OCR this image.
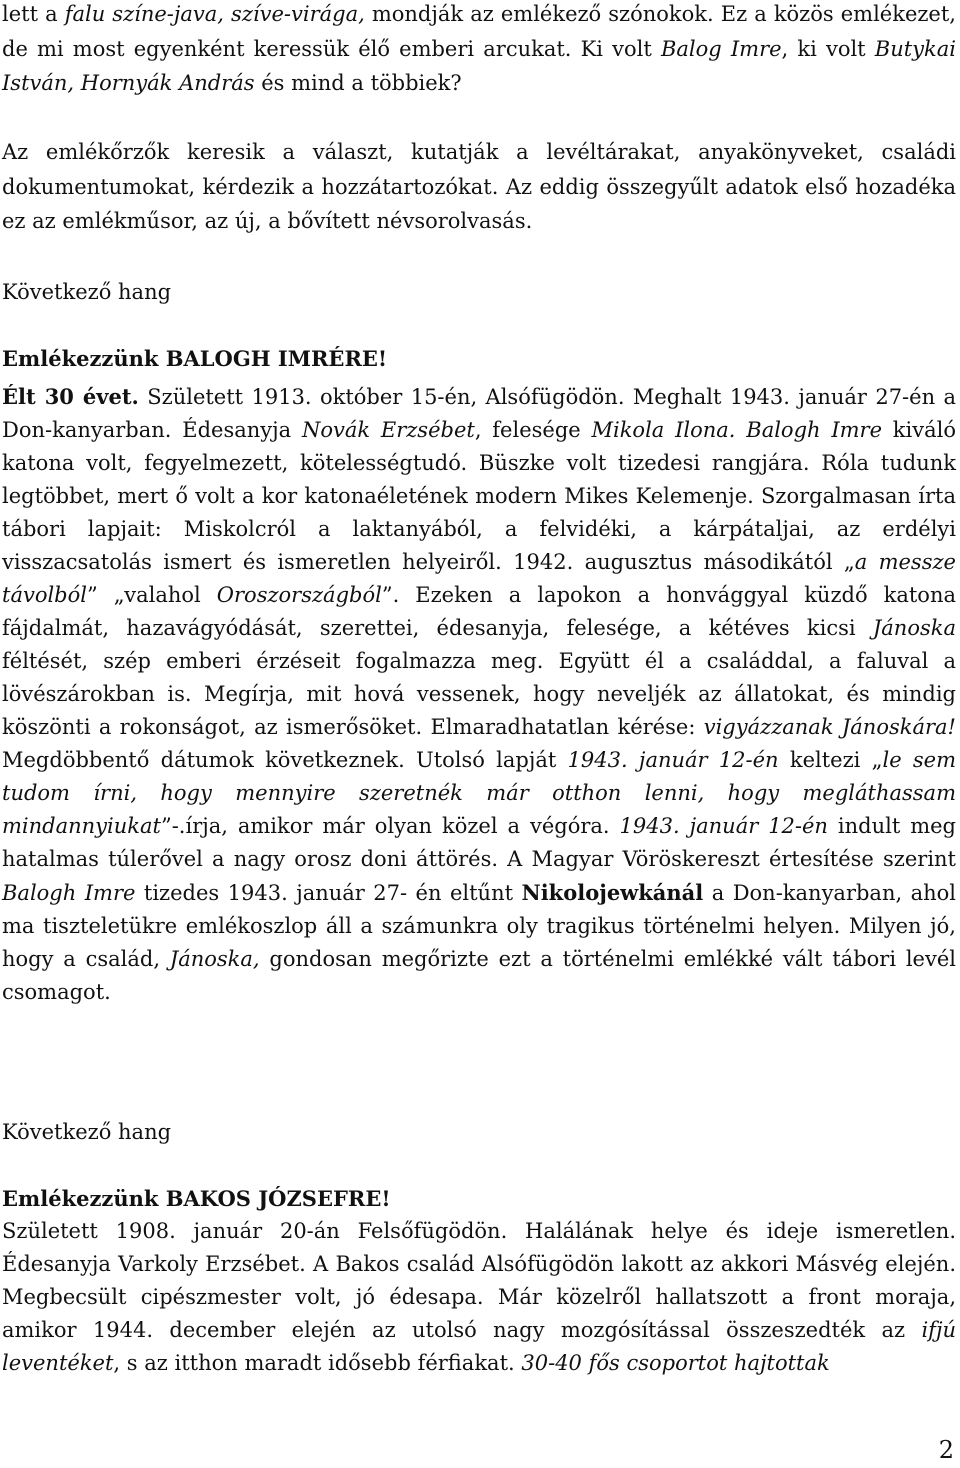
lett a falu színe-java, szíve-virága, mondják az emlékező szónokok. Ez a közös emlékezet, de mi most egyenként keressük élő emberi arcukat. Ki volt Balog Imre, ki volt Butykai István, Hornyák András és mind a többiek?

Az emlékőrzők keresik a választ, kutatják a levéltárakat, anyakönyveket, családi dokumentumokat, kérdezik a hozzátartozókat. Az eddig összegyűlt adatok első hozadéka ez az emlékműsor, az új, a bővített névsorolvasás.

Következő hang

Emlékezzünk BALOGH IMRÉRE!

Élt 30 évet. Született 1913. október 15-én, Alsófügödön. Meghalt 1943. január 27-én a Don-kanyarban. Édesanyja Novák Erzsébet, felesége Mikola Ilona. Balogh Imre kiváló katona volt, fegyelmezett, kötelességtudó. Büszke volt tizedesi rangjára. Róla tudunk legtöbbet, mert ő volt a kor katonaéletének modern Mikes Kelemenje. Szorgalmasan írta tábori lapjait: Miskolcról a laktanyából, a felvidéki, a kárpátaljai, az erdélyi visszacsatolás ismert és ismeretlen helyeiről. 1942. augusztus másodikától „a messze távolból” „valahol Oroszországból”. Ezeken a lapokon a honvággyal küzdő katona fájdalmát, hazavágyódását, szerettei, édesanyja, felesége, a kétéves kicsi Jánoska féltését, szép emberi érzéseit fogalmazza meg. Együtt él a családdal, a faluval a lövészárokban is. Megírja, mit hová vessenek, hogy neveljék az állatokat, és mindig köszönti a rokonságot, az ismerősöket. Elmaradhatatlan kérése: vigyázzanak Jánoskára! Megdöbbentő dátumok következnek. Utolsó lapját 1943. január 12-én keltezi „le sem tudom írni, hogy mennyire szeretnék már otthon lenni, hogy megláthassam mindannyiukat”-.írja, amikor már olyan közel a végóra. 1943. január 12-én indult meg hatalmas túlerővel a nagy orosz doni áttörés. A Magyar Vöröskereszt értesítése szerint Balogh Imre tizedes 1943. január 27- én eltűnt Nikolojewkánál a Don-kanyarban, ahol ma tiszteletükre emlékoszlop áll a számunkra oly tragikus történelmi helyen. Milyen jó, hogy a család, Jánoska, gondosan megőrizte ezt a történelmi emlékké vált tábori levél csomagot.

Következő hang

Emlékezzünk BAKOS JÓZSEFRE!

Született 1908. január 20-án Felsőfügödön. Halálának helye és ideje ismeretlen. Édesanyja Varkoly Erzsébet. A Bakos család Alsófügödön lakott az akkori Másvég elején. Megbecsült cipészmester volt, jó édesapa. Már közelről hallatszott a front moraja, amikor 1944. december elején az utolsó nagy mozgósítással összeszedték az ifjú leventéket, s az itthon maradt idősebb férfiakat. 30-40 fős csoportot hajtottak

2
